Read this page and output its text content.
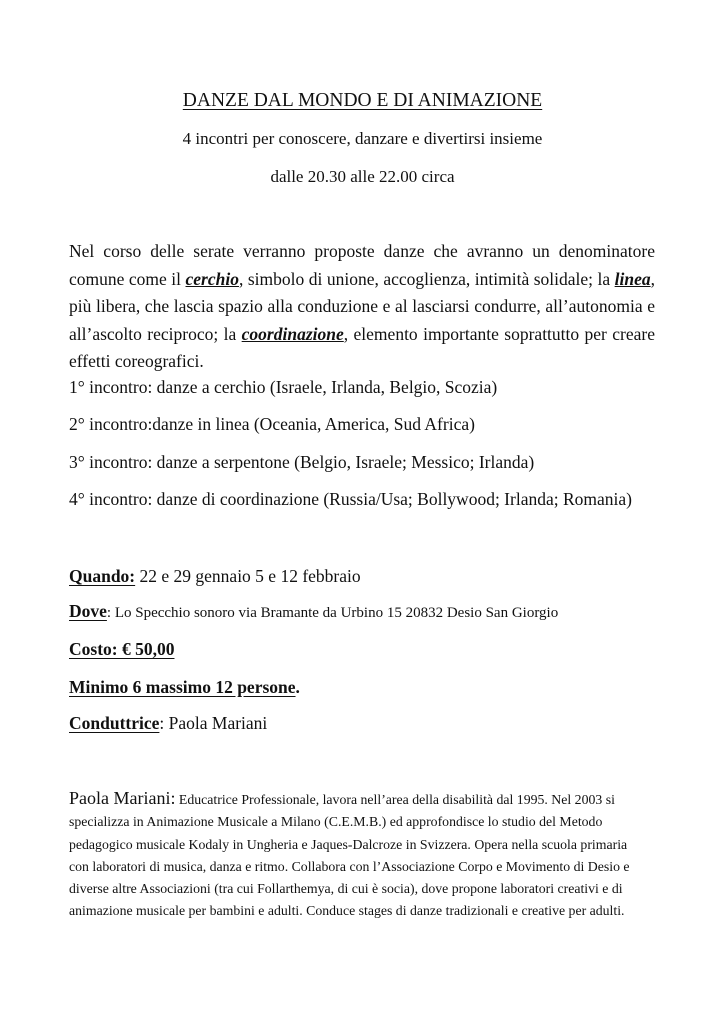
DANZE DAL MONDO E DI ANIMAZIONE
4 incontri per conoscere, danzare e divertirsi insieme
dalle 20.30 alle 22.00 circa
Nel corso delle serate verranno proposte danze che avranno un denominatore comune come il cerchio, simbolo di unione, accoglienza, intimità solidale; la linea, più libera, che lascia spazio alla conduzione e al lasciarsi condurre, all’autonomia e all’ascolto reciproco; la coordinazione, elemento importante soprattutto per creare effetti coreografici.
1° incontro: danze a cerchio (Israele, Irlanda, Belgio, Scozia)
2° incontro:danze in linea (Oceania, America, Sud Africa)
3° incontro: danze a serpentone (Belgio, Israele; Messico; Irlanda)
4° incontro: danze di coordinazione (Russia/Usa; Bollywood; Irlanda; Romania)
Quando: 22 e 29 gennaio 5 e 12 febbraio
Dove: Lo Specchio sonoro via Bramante da Urbino 15 20832 Desio San Giorgio
Costo: € 50,00
Minimo 6 massimo 12 persone.
Conduttrice: Paola Mariani
Paola Mariani: Educatrice Professionale, lavora nell’area della disabilità dal 1995. Nel 2003 si
specializza in Animazione Musicale a Milano (C.E.M.B.) ed approfondisce lo studio del Metodo
pedagogico musicale Kodaly in Ungheria e Jaques-Dalcroze in Svizzera. Opera nella scuola primaria
con laboratori di musica, danza e ritmo. Collabora con l’Associazione Corpo e Movimento di Desio e
diverse altre Associazioni (tra cui Follarthemya, di cui è socia), dove propone laboratori creativi e di
animazione musicale per bambini e adulti. Conduce stages di danze tradizionali e creative per adulti.
